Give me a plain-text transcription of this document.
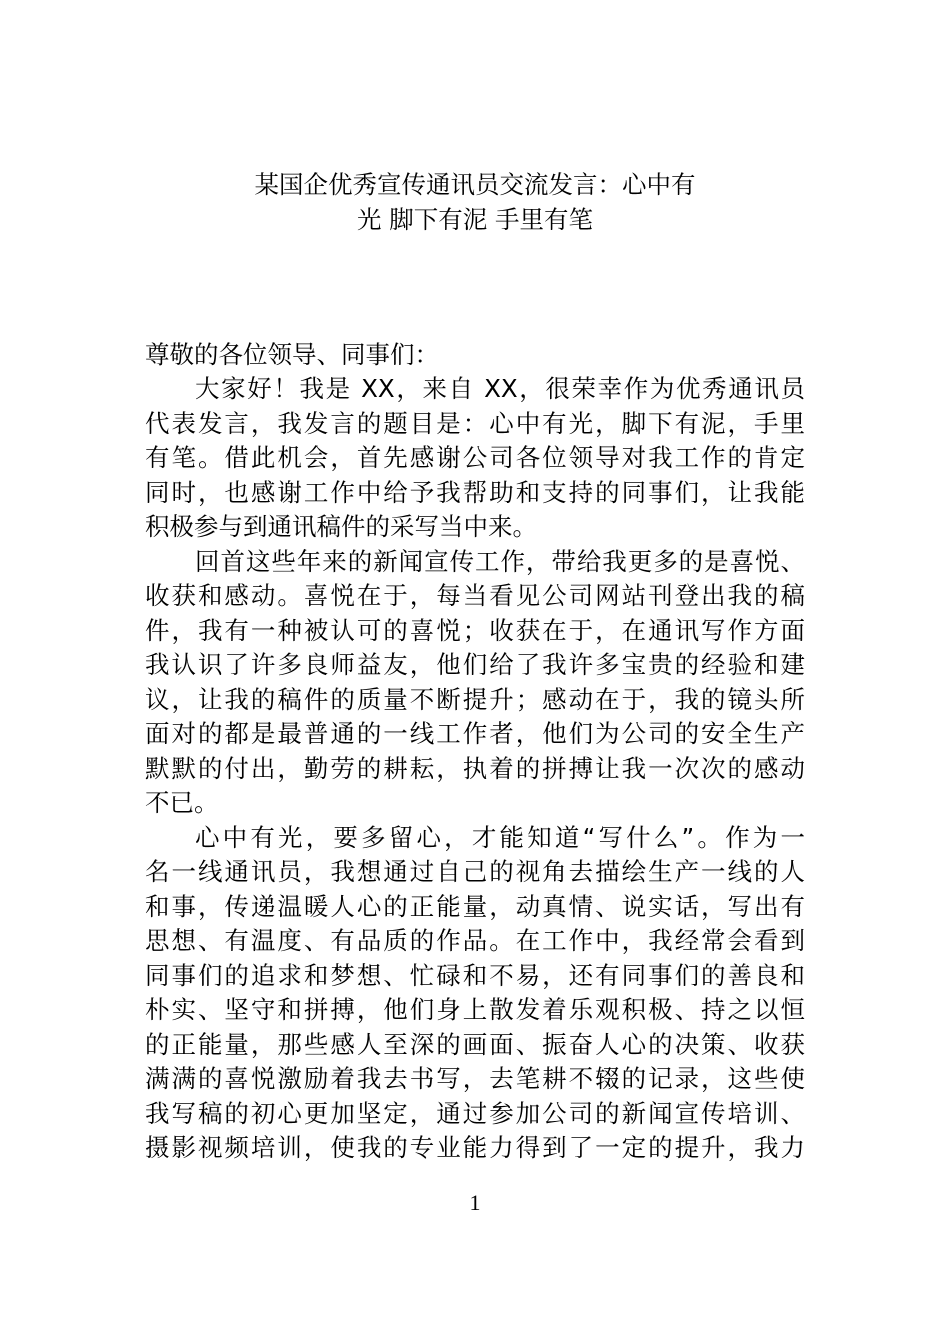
某国企优秀宣传通讯员交流发言：心中有
光 脚下有泥 手里有笔

尊敬的各位领导、同事们：

大家好！我是 XX，来自 XX，很荣幸作为优秀通讯员
代表发言，我发言的题目是：心中有光，脚下有泥，手里
有笔。借此机会，首先感谢公司各位领导对我工作的肯定
同时，也感谢工作中给予我帮助和支持的同事们，让我能
积极参与到通讯稿件的采写当中来。
回首这些年来的新闻宣传工作，带给我更多的是喜悦、
收获和感动。喜悦在于，每当看见公司网站刊登出我的稿
件，我有一种被认可的喜悦；收获在于，在通讯写作方面
我认识了许多良师益友，他们给了我许多宝贵的经验和建
议，让我的稿件的质量不断提升；感动在于，我的镜头所
面对的都是最普通的一线工作者，他们为公司的安全生产
默默的付出，勤劳的耕耘，执着的拼搏让我一次次的感动
不已。
心中有光，要多留心，才能知道“写什么”。作为一
名一线通讯员，我想通过自己的视角去描绘生产一线的人
和事，传递温暖人心的正能量，动真情、说实话，写出有
思想、有温度、有品质的作品。在工作中，我经常会看到
同事们的追求和梦想、忙碌和不易，还有同事们的善良和
朴实、坚守和拼搏，他们身上散发着乐观积极、持之以恒
的正能量，那些感人至深的画面、振奋人心的决策、收获
满满的喜悦激励着我去书写，去笔耕不辍的记录，这些使
我写稿的初心更加坚定，通过参加公司的新闻宣传培训、
摄影视频培训，使我的专业能力得到了一定的提升，我力
1
